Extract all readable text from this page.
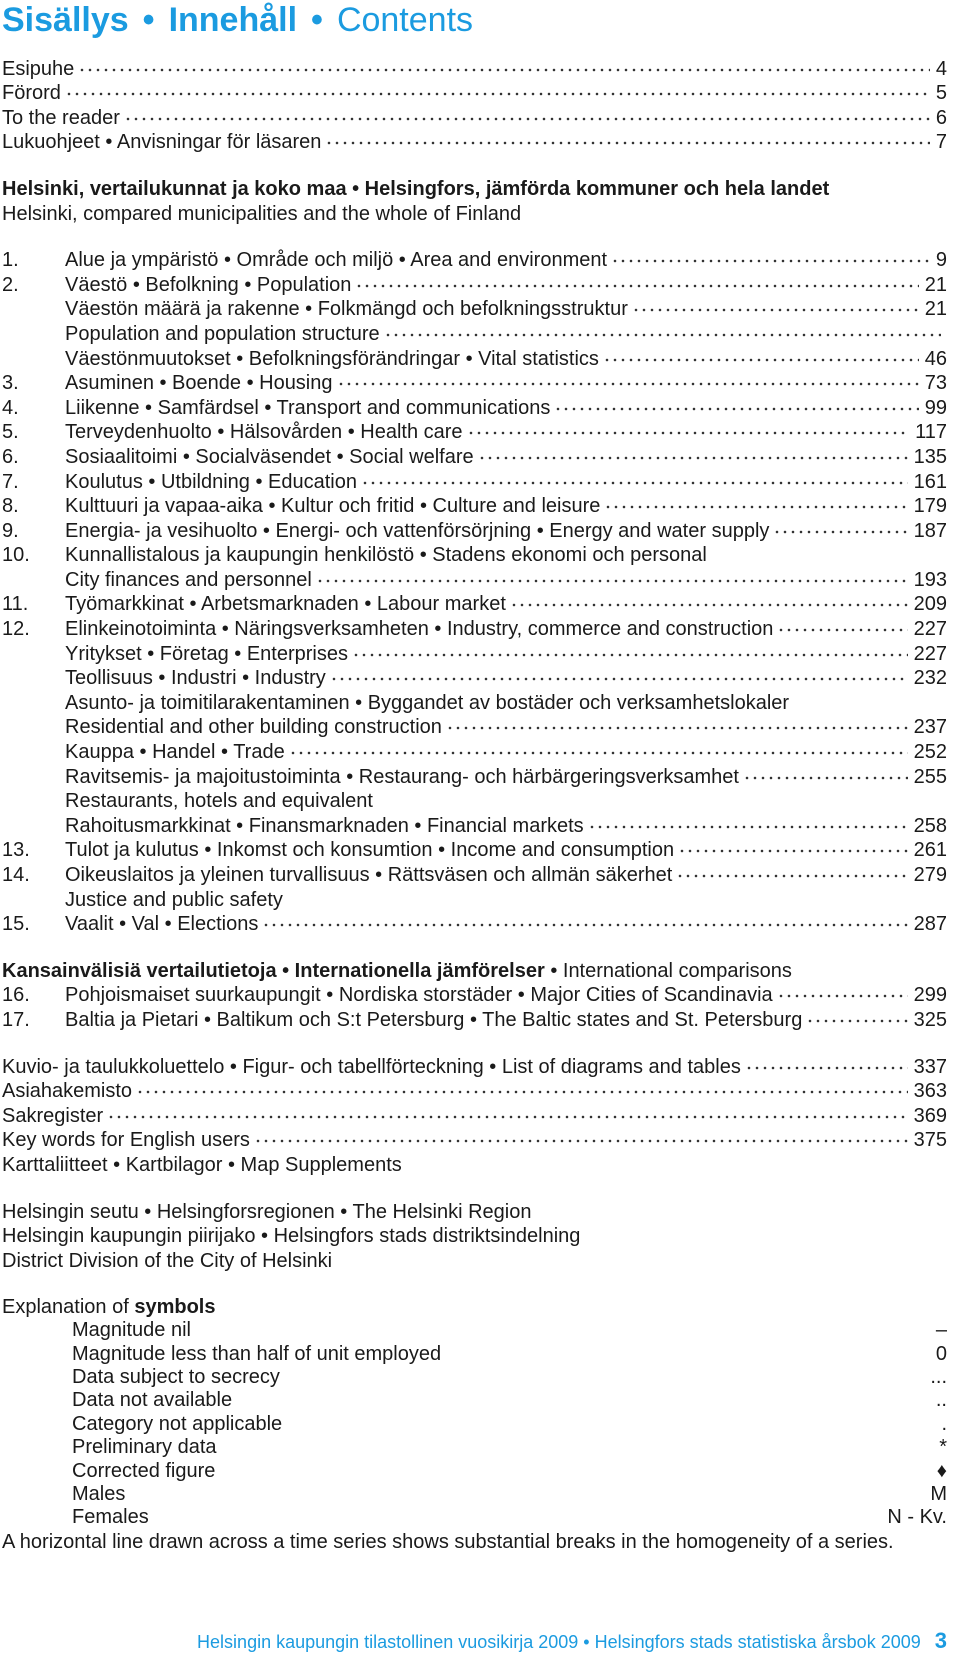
Sisällys • Innehåll • Contents
Esipuhe	4
Förord	5
To the reader	6
Lukuohjeet • Anvisningar för läsaren	7
Helsinki, vertailukunnat ja koko maa • Helsingfors, jämförda kommuner och hela landet
Helsinki, compared municipalities and the whole of Finland
1.	Alue ja ympäristö • Område och miljö • Area and environment	9
2.	Väestö • Befolkning • Population	21
Väestön määrä ja rakenne • Folkmängd och befolkningsstruktur	21
Population and population structure
Väestönmuutokset • Befolkningsförändringar • Vital statistics	46
3.	Asuminen • Boende • Housing	73
4.	Liikenne • Samfärdsel • Transport and communications	99
5.	Terveydenhuolto • Hälsovården • Health care	117
6.	Sosiaalitoimi • Socialväsendet • Social welfare	135
7.	Koulutus • Utbildning • Education	161
8.	Kulttuuri ja vapaa-aika • Kultur och fritid • Culture and leisure	179
9.	Energia- ja vesihuolto • Energi- och vattenförsörjning • Energy and water supply	187
10.	Kunnallistalous ja kaupungin henkilöstö • Stadens ekonomi och personal
City finances and personnel	193
11.	Työmarkkinat • Arbetsmarknaden • Labour market	209
12.	Elinkeinotoiminta • Näringsverksamheten • Industry, commerce and construction	227
Yritykset • Företag • Enterprises	227
Teollisuus • Industri • Industry	232
Asunto- ja toimitilarakentaminen • Byggandet av bostäder och verksamhetslokaler
Residential and other building construction	237
Kauppa • Handel • Trade	252
Ravitsemis- ja majoitustoiminta • Restaurang- och härbärgeringsverksamhet	255
Restaurants, hotels and equivalent
Rahoitusmarkkinat • Finansmarknaden • Financial markets	258
13.	Tulot ja kulutus • Inkomst och konsumtion • Income and consumption	261
14.	Oikeuslaitos ja yleinen turvallisuus • Rättsväsen och allmän säkerhet	279
Justice and public safety
15.	Vaalit • Val • Elections	287
Kansainvälisiä vertailutietoja • Internationella jämförelser • International comparisons
16.	Pohjoismaiset suurkaupungit • Nordiska storstäder • Major Cities of Scandinavia	299
17.	Baltia ja Pietari • Baltikum och S:t Petersburg • The Baltic states and St. Petersburg	325
Kuvio- ja taulukkoluettelo • Figur- och tabellförteckning • List of diagrams and tables	337
Asiahakemisto	363
Sakregister	369
Key words for English users	375
Karttaliitteet • Kartbilagor • Map Supplements
Helsingin seutu • Helsingforsregionen • The Helsinki Region
Helsingin kaupungin piirijako • Helsingfors stads distriktsindelning
District Division of the City of Helsinki
Explanation of symbols
Magnitude nil	–
Magnitude less than half of unit employed	0
Data subject to secrecy	...
Data not available	..
Category not applicable	.
Preliminary data	*
Corrected figure	♦
Males	M
Females	N - Kv.
A horizontal line drawn across a time series shows substantial breaks in the homogeneity of a series.
Helsingin kaupungin tilastollinen vuosikirja 2009 • Helsingfors stads statistiska årsbok 2009 3
